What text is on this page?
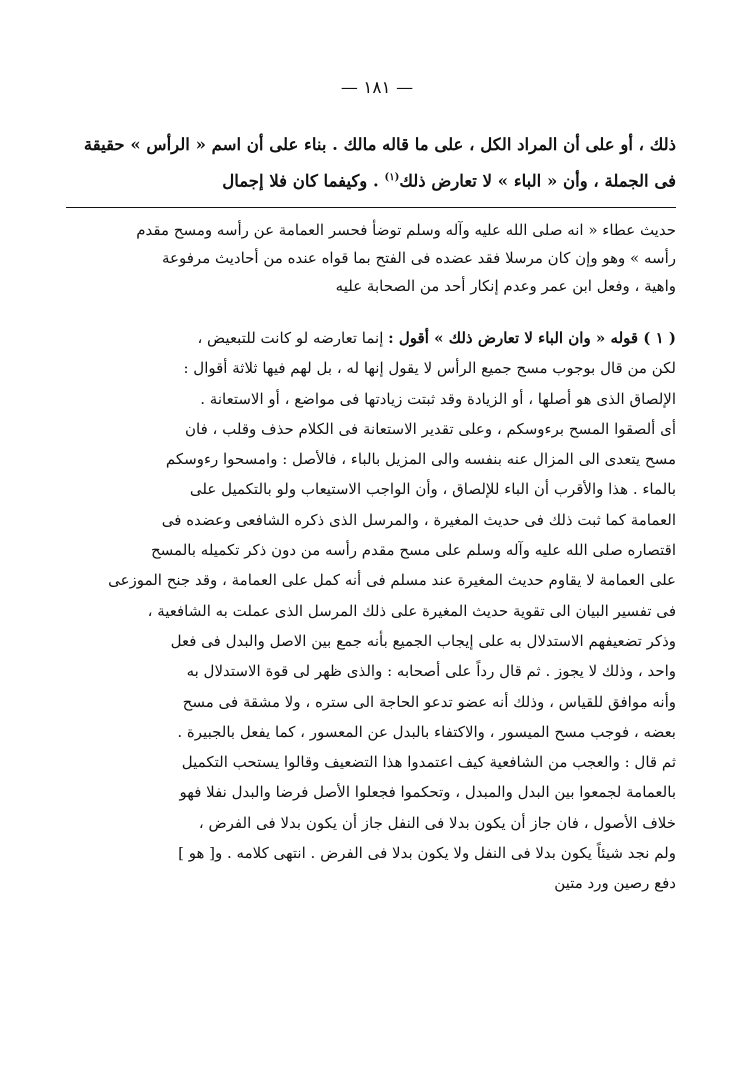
— ١٨١ —

ذلك ، أو على أن المراد الكل ، على ما قاله مالك . بناء على أن اسم « الرأس » حقيقة

فى الجملة ، وأن « الباء » لا تعارض ذلك$^{(١)}$ . وكيفما كان فلا إجمال

حديث عطاء « انه صلى الله عليه وآله وسلم توضأ فحسر العمامة عن رأسه ومسح مقدم

رأسه » وهو وإن كان مرسلا فقد عضده فى الفتح بما قواه عنده من أحاديث مرفوعة

واهية ، وفعل ابن عمر وعدم إنكار أحد من الصحابة عليه

( ١ ) قوله « وان الباء لا تعارض ذلك » أقول : إنما تعارضه لو كانت للتبعيض ،

لكن من قال بوجوب مسح جميع الرأس لا يقول إنها له ، بل لهم فيها ثلاثة أقوال :

الإلصاق الذى هو أصلها ، أو الزيادة وقد ثبتت زيادتها فى مواضع ، أو الاستعانة .

أى ألصقوا المسح برءوسكم ، وعلى تقدير الاستعانة فى الكلام حذف وقلب ، فان

مسح يتعدى الى المزال عنه بنفسه والى المزيل بالباء ، فالأصل : وامسحوا رءوسكم

بالماء . هذا والأقرب أن الباء للإلصاق ، وأن الواجب الاستيعاب ولو بالتكميل على

العمامة كما ثبت ذلك فى حديث المغيرة ، والمرسل الذى ذكره الشافعى وعضده فى

اقتصاره صلى الله عليه وآله وسلم على مسح مقدم رأسه من دون ذكر تكميله بالمسح

على العمامة لا يقاوم حديث المغيرة عند مسلم فى أنه كمل على العمامة ، وقد جنح الموزعى

فى تفسير البيان الى تقوية حديث المغيرة على ذلك المرسل الذى عملت به الشافعية ،

وذكر تضعيفهم الاستدلال به على إيجاب الجميع بأنه جمع بين الاصل والبدل فى فعل

واحد ، وذلك لا يجوز . ثم قال رداً على أصحابه : والذى ظهر لى قوة الاستدلال به

وأنه موافق للقياس ، وذلك أنه عضو تدعو الحاجة الى ستره ، ولا مشقة فى مسح

بعضه ، فوجب مسح الميسور ، والاكتفاء بالبدل عن المعسور ، كما يفعل بالجبيرة .

ثم قال : والعجب من الشافعية كيف اعتمدوا هذا التضعيف وقالوا يستحب التكميل

بالعمامة لجمعوا بين البدل والمبدل ، وتحكموا فجعلوا الأصل فرضا والبدل نفلا فهو

خلاف الأصول ، فان جاز أن يكون بدلا فى النفل جاز أن يكون بدلا فى الفرض ،

ولم نجد شيئاً يكون بدلا فى النفل ولا يكون بدلا فى الفرض . انتهى كلامه . و[ هو ]

دفع رصين ورد متين
